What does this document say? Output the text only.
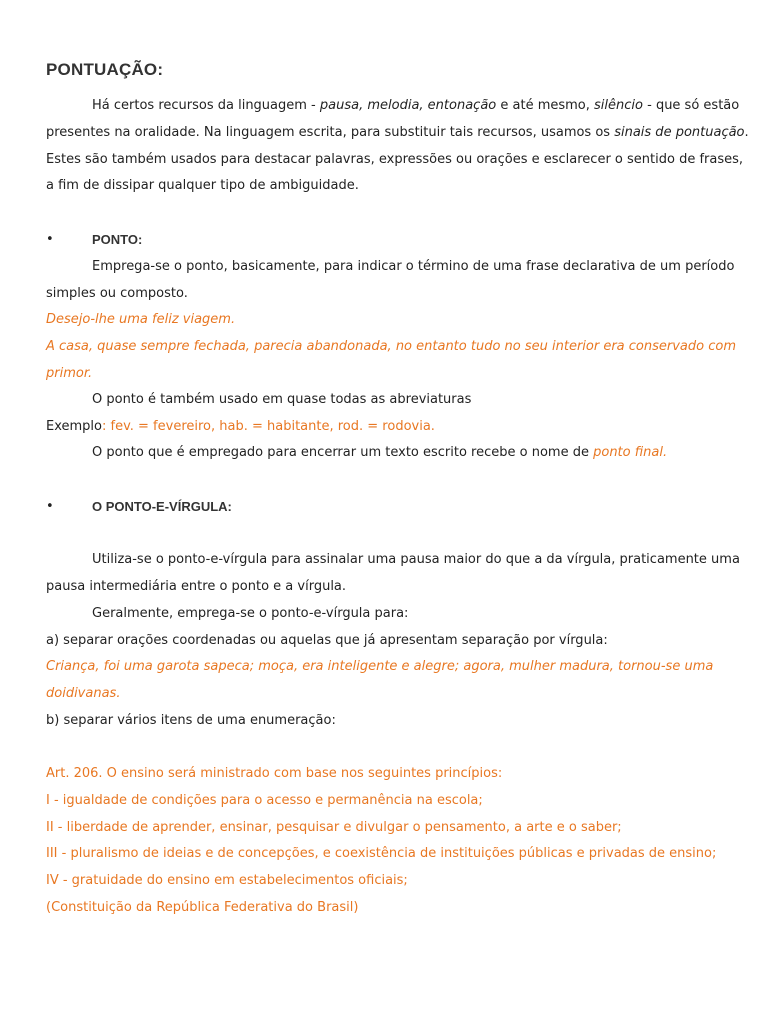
PONTUAÇÃO:
Há certos recursos da linguagem - pausa, melodia, entonação e até mesmo, silêncio - que só estão
presentes na oralidade. Na linguagem escrita, para substituir tais recursos, usamos os sinais de pontuação.
Estes são também usados para destacar palavras, expressões ou orações e esclarecer o sentido de frases,
a fim de dissipar qualquer tipo de ambiguidade.
•	PONTO:
Emprega-se o ponto, basicamente, para indicar o término de uma frase declarativa de um período
simples ou composto.
Desejo-lhe uma feliz viagem.
A casa, quase sempre fechada, parecia abandonada, no entanto tudo no seu interior era conservado com
primor.
O ponto é também usado em quase todas as abreviaturas
Exemplo: fev. = fevereiro, hab. = habitante, rod. = rodovia.
O ponto que é empregado para encerrar um texto escrito recebe o nome de ponto final.
•	O PONTO-E-VÍRGULA:
Utiliza-se o ponto-e-vírgula para assinalar uma pausa maior do que a da vírgula, praticamente uma
pausa intermediária entre o ponto e a vírgula.
Geralmente, emprega-se o ponto-e-vírgula para:
a) separar orações coordenadas ou aquelas que já apresentam separação por vírgula:
Criança, foi uma garota sapeca; moça, era inteligente e alegre; agora, mulher madura, tornou-se uma
doidivanas.
b) separar vários itens de uma enumeração:
Art. 206. O ensino será ministrado com base nos seguintes princípios:
I - igualdade de condições para o acesso e permanência na escola;
II - liberdade de aprender, ensinar, pesquisar e divulgar o pensamento, a arte e o saber;
III - pluralismo de ideias e de concepções, e coexistência de instituições públicas e privadas de ensino;
IV - gratuidade do ensino em estabelecimentos oficiais;
(Constituição da República Federativa do Brasil)
